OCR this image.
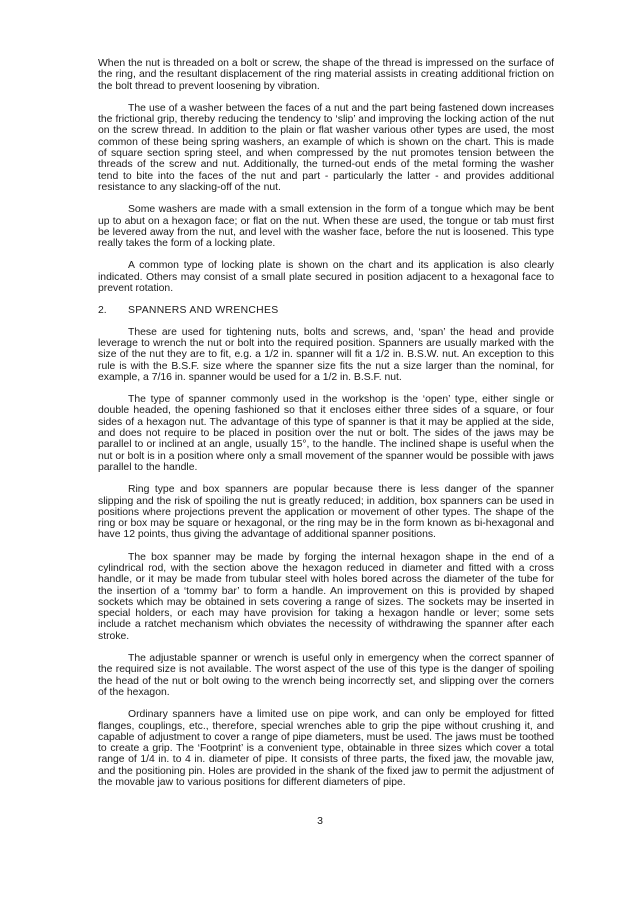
When the nut is threaded on a bolt or screw, the shape of the thread is impressed on the surface of the ring, and the resultant displacement of the ring material assists in creating additional friction on the bolt thread to prevent loosening by vibration.

The use of a washer between the faces of a nut and the part being fastened down increases the frictional grip, thereby reducing the tendency to ‘slip’ and improving the locking action of the nut on the screw thread. In addition to the plain or flat washer various other types are used, the most common of these being spring washers, an example of which is shown on the chart. This is made of square section spring steel, and when compressed by the nut promotes tension between the threads of the screw and nut. Additionally, the turned-out ends of the metal forming the washer tend to bite into the faces of the nut and part - particularly the latter - and provides additional resistance to any slacking-off of the nut.

Some washers are made with a small extension in the form of a tongue which may be bent up to abut on a hexagon face; or flat on the nut. When these are used, the tongue or tab must first be levered away from the nut, and level with the washer face, before the nut is loosened. This type really takes the form of a locking plate.

A common type of locking plate is shown on the chart and its application is also clearly indicated. Others may consist of a small plate secured in position adjacent to a hexagonal face to prevent rotation.

2. SPANNERS AND WRENCHES

These are used for tightening nuts, bolts and screws, and, ‘span’ the head and provide leverage to wrench the nut or bolt into the required position. Spanners are usually marked with the size of the nut they are to fit, e.g. a 1/2 in. spanner will fit a 1/2 in. B.S.W. nut. An exception to this rule is with the B.S.F. size where the spanner size fits the nut a size larger than the nominal, for example, a 7/16 in. spanner would be used for a 1/2 in. B.S.F. nut.

The type of spanner commonly used in the workshop is the ‘open’ type, either single or double headed, the opening fashioned so that it encloses either three sides of a square, or four sides of a hexagon nut. The advantage of this type of spanner is that it may be applied at the side, and does not require to be placed in position over the nut or bolt. The sides of the jaws may be parallel to or inclined at an angle, usually 15°, to the handle. The inclined shape is useful when the nut or bolt is in a position where only a small movement of the spanner would be possible with jaws parallel to the handle.

Ring type and box spanners are popular because there is less danger of the spanner slipping and the risk of spoiling the nut is greatly reduced; in addition, box spanners can be used in positions where projections prevent the application or movement of other types. The shape of the ring or box may be square or hexagonal, or the ring may be in the form known as bi-hexagonal and have 12 points, thus giving the advantage of additional spanner positions.

The box spanner may be made by forging the internal hexagon shape in the end of a cylindrical rod, with the section above the hexagon reduced in diameter and fitted with a cross handle, or it may be made from tubular steel with holes bored across the diameter of the tube for the insertion of a ‘tommy bar’ to form a handle. An improvement on this is provided by shaped sockets which may be obtained in sets covering a range of sizes. The sockets may be inserted in special holders, or each may have provision for taking a hexagon handle or lever; some sets include a ratchet mechanism which obviates the necessity of withdrawing the spanner after each stroke.

The adjustable spanner or wrench is useful only in emergency when the correct spanner of the required size is not available. The worst aspect of the use of this type is the danger of spoiling the head of the nut or bolt owing to the wrench being incorrectly set, and slipping over the corners of the hexagon.

Ordinary spanners have a limited use on pipe work, and can only be employed for fitted flanges, couplings, etc., therefore, special wrenches able to grip the pipe without crushing it, and capable of adjustment to cover a range of pipe diameters, must be used. The jaws must be toothed to create a grip. The ‘Footprint’ is a convenient type, obtainable in three sizes which cover a total range of 1/4 in. to 4 in. diameter of pipe. It consists of three parts, the fixed jaw, the movable jaw, and the positioning pin. Holes are provided in the shank of the fixed jaw to permit the adjustment of the movable jaw to various positions for different diameters of pipe.

3
